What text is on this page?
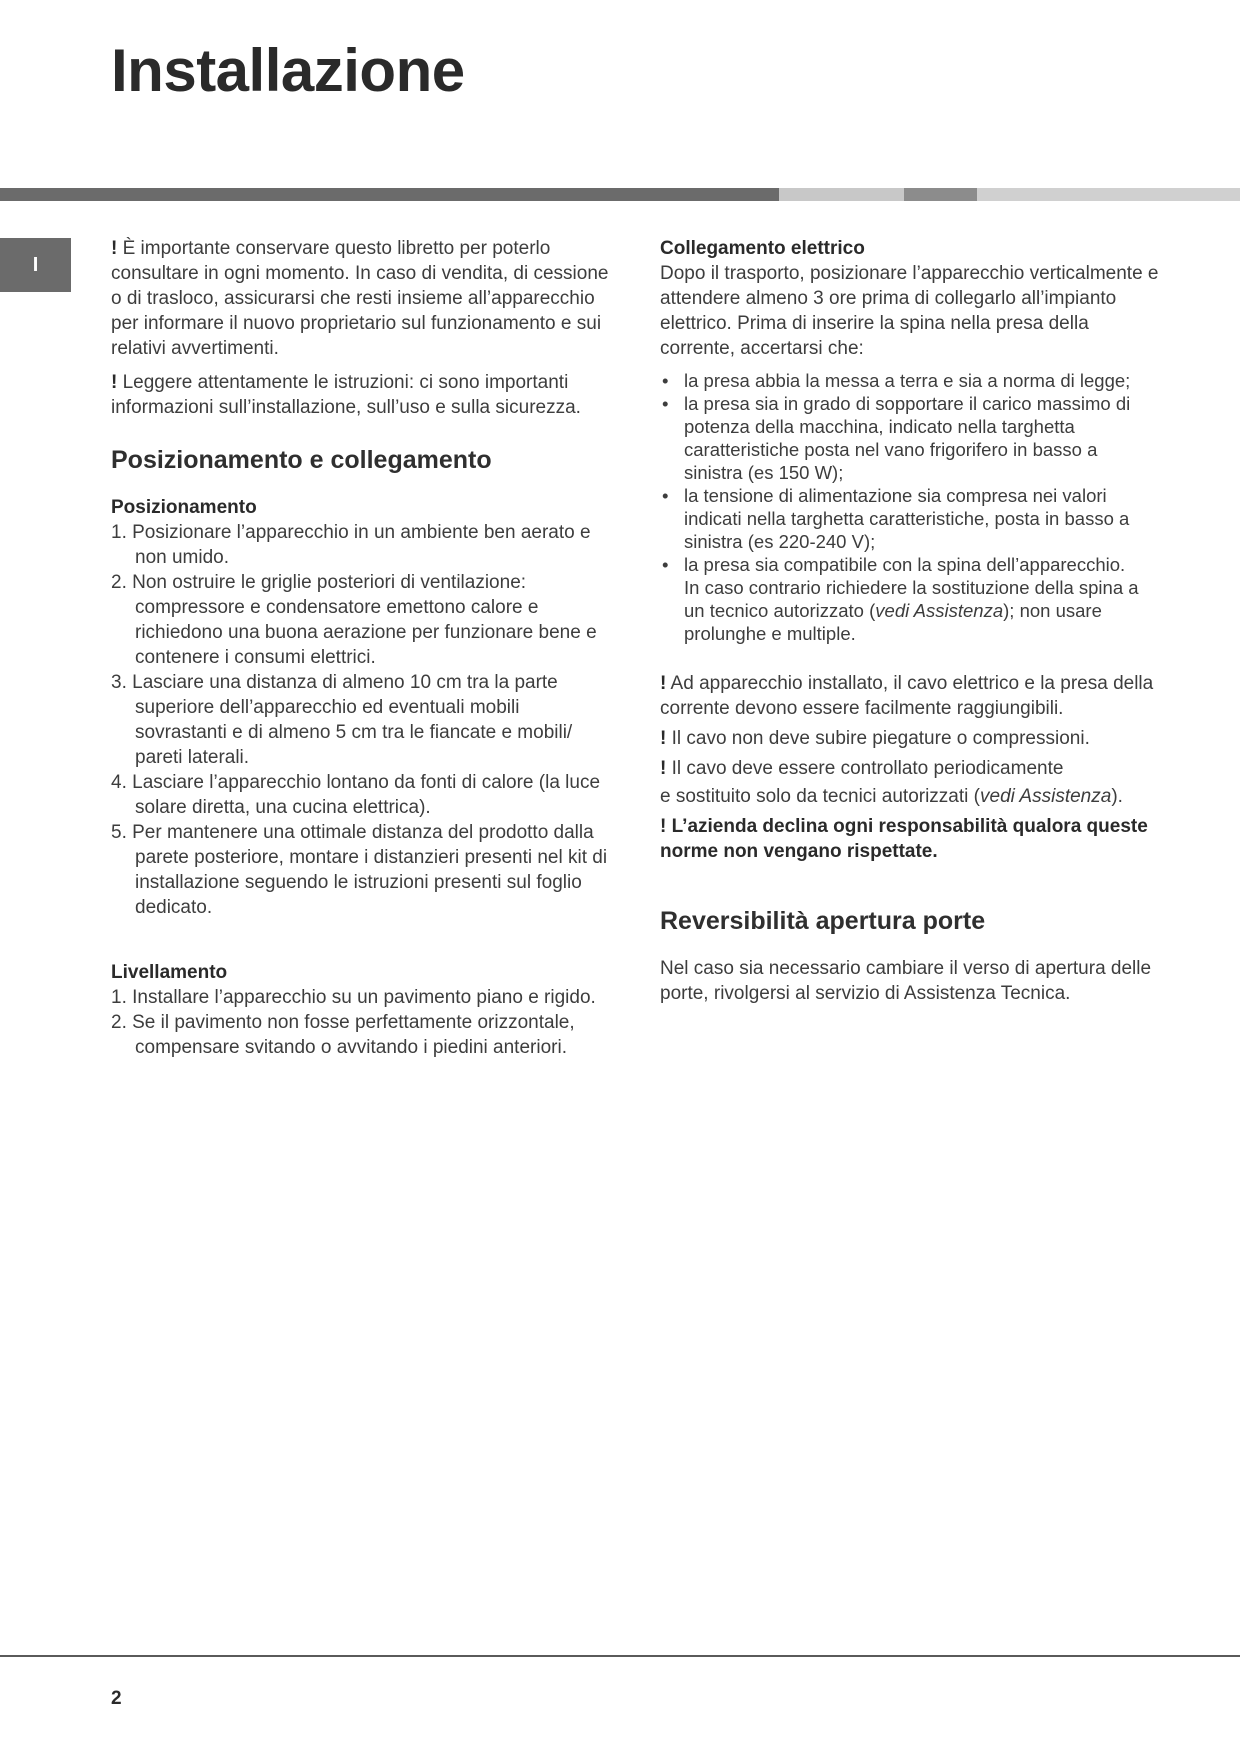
Installazione
I

! È importante conservare questo libretto per poterlo consultare in ogni momento. In caso di vendita, di cessione o di trasloco, assicurarsi che resti insieme all’apparecchio per informare il nuovo proprietario sul funzionamento e sui relativi avvertimenti.

! Leggere attentamente le istruzioni: ci sono importanti informazioni sull’installazione, sull’uso e sulla sicurezza.

Posizionamento e collegamento
Posizionamento
1. Posizionare l’apparecchio in un ambiente ben aerato e non umido.
2. Non ostruire le griglie posteriori di ventilazione: compressore e condensatore emettono calore e richiedono una buona aerazione per funzionare bene e contenere i consumi elettrici.
3. Lasciare una distanza di almeno 10 cm tra la parte superiore dell’apparecchio ed eventuali mobili sovrastanti e di almeno 5 cm tra le fiancate e mobili/ pareti laterali.
4. Lasciare l’apparecchio lontano da fonti di calore (la luce solare diretta, una cucina elettrica).
5. Per mantenere una ottimale distanza del prodotto dalla parete posteriore, montare i distanzieri presenti nel kit di installazione seguendo le istruzioni presenti sul foglio dedicato.
Livellamento
1. Installare l’apparecchio su un pavimento piano e rigido.
2. Se il pavimento non fosse perfettamente orizzontale, compensare svitando o avvitando i piedini anteriori.
Collegamento elettrico

Dopo il trasporto, posizionare l’apparecchio verticalmente e attendere almeno 3 ore prima di collegarlo all’impianto elettrico. Prima di inserire la spina nella presa della corrente, accertarsi che:

• la presa abbia la messa a terra e sia a norma di legge;
• la presa sia in grado di sopportare il carico massimo di potenza della macchina, indicato nella targhetta caratteristiche posta nel vano frigorifero in basso a sinistra (es 150 W);
• la tensione di alimentazione sia compresa nei valori indicati nella targhetta caratteristiche, posta in basso a sinistra (es 220-240 V);
• la presa sia compatibile con la spina dell’apparecchio.

In caso contrario richiedere la sostituzione della spina a un tecnico autorizzato (vedi Assistenza); non usare prolunghe e multiple.

! Ad apparecchio installato, il cavo elettrico e la presa della corrente devono essere facilmente raggiungibili.

! Il cavo non deve subire piegature o compressioni.

! Il cavo deve essere controllato periodicamente

e sostituito solo da tecnici autorizzati (vedi Assistenza).

! L’azienda declina ogni responsabilità qualora queste norme non vengano rispettate.

Reversibilità apertura porte

Nel caso sia necessario cambiare il verso di apertura delle porte, rivolgersi al servizio di Assistenza Tecnica.

2
